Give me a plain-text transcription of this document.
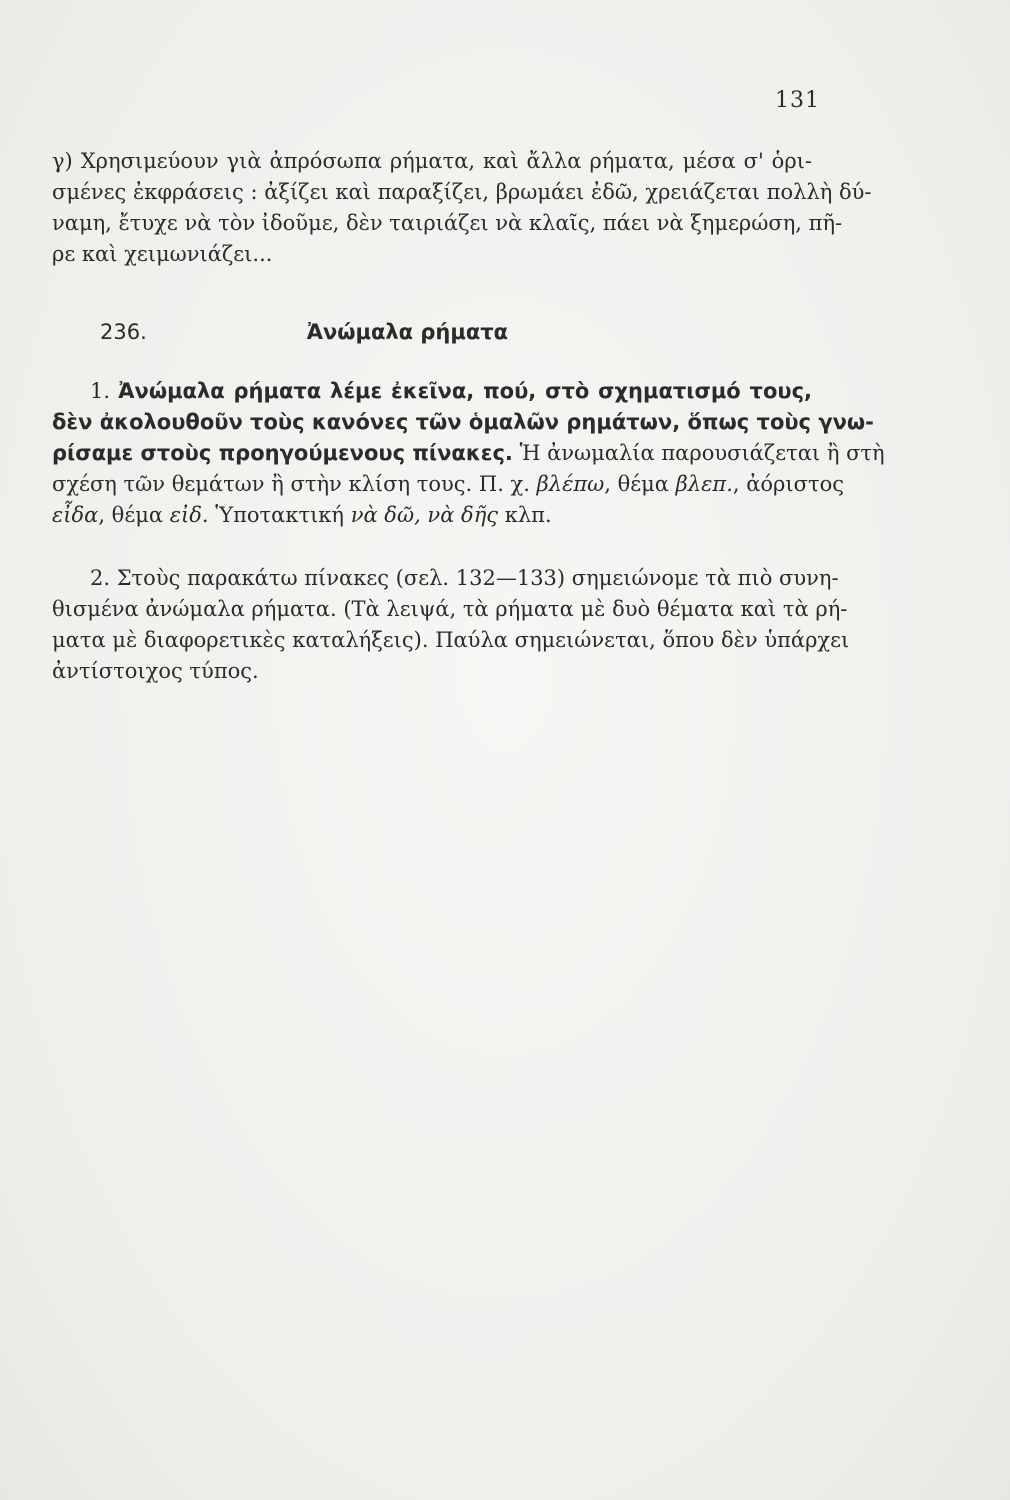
131
γ) Χρησιμεύουν γιὰ ἀπρόσωπα ρήματα, καὶ ἄλλα ρήματα, μέσα σ' ὁρι-
σμένες ἐκφράσεις : ἀξίζει καὶ παραξίζει, βρωμάει ἐδῶ, χρειάζεται πολλὴ δύ-
ναμη, ἔτυχε νὰ τὸν ἰδοῦμε, δὲν ταιριάζει νὰ κλαῖς, πάει νὰ ξημερώση, πῆ-
ρε καὶ χειμωνιάζει...
236.	Ἀνώμαλα ρήματα
1. Ἀνώμαλα ρήματα λέμε ἐκεῖνα, πού, στὸ σχηματισμό τους,
δὲν ἀκολουθοῦν τοὺς κανόνες τῶν ὁμαλῶν ρημάτων, ὅπως τοὺς γνω-
ρίσαμε στοὺς προηγούμενους πίνακες. Ἡ ἀνωμαλία παρουσιάζεται ἢ στὴ
σχέση τῶν θεμάτων ἢ στὴν κλίση τους. Π. χ. βλέπω, θέμα βλεπ., ἀόριστος
εἶδα, θέμα εἰδ. Ὑποτακτική νὰ δῶ, νὰ δῆς κλπ.
2. Στοὺς παρακάτω πίνακες (σελ. 132—133) σημειώνομε τὰ πιὸ συνη-
θισμένα ἀνώμαλα ρήματα. (Τὰ λειψά, τὰ ρήματα μὲ δυὸ θέματα καὶ τὰ ρή-
ματα μὲ διαφορετικὲς καταλήξεις). Παύλα σημειώνεται, ὅπου δὲν ὑπάρχει
ἀντίστοιχος τύπος.
